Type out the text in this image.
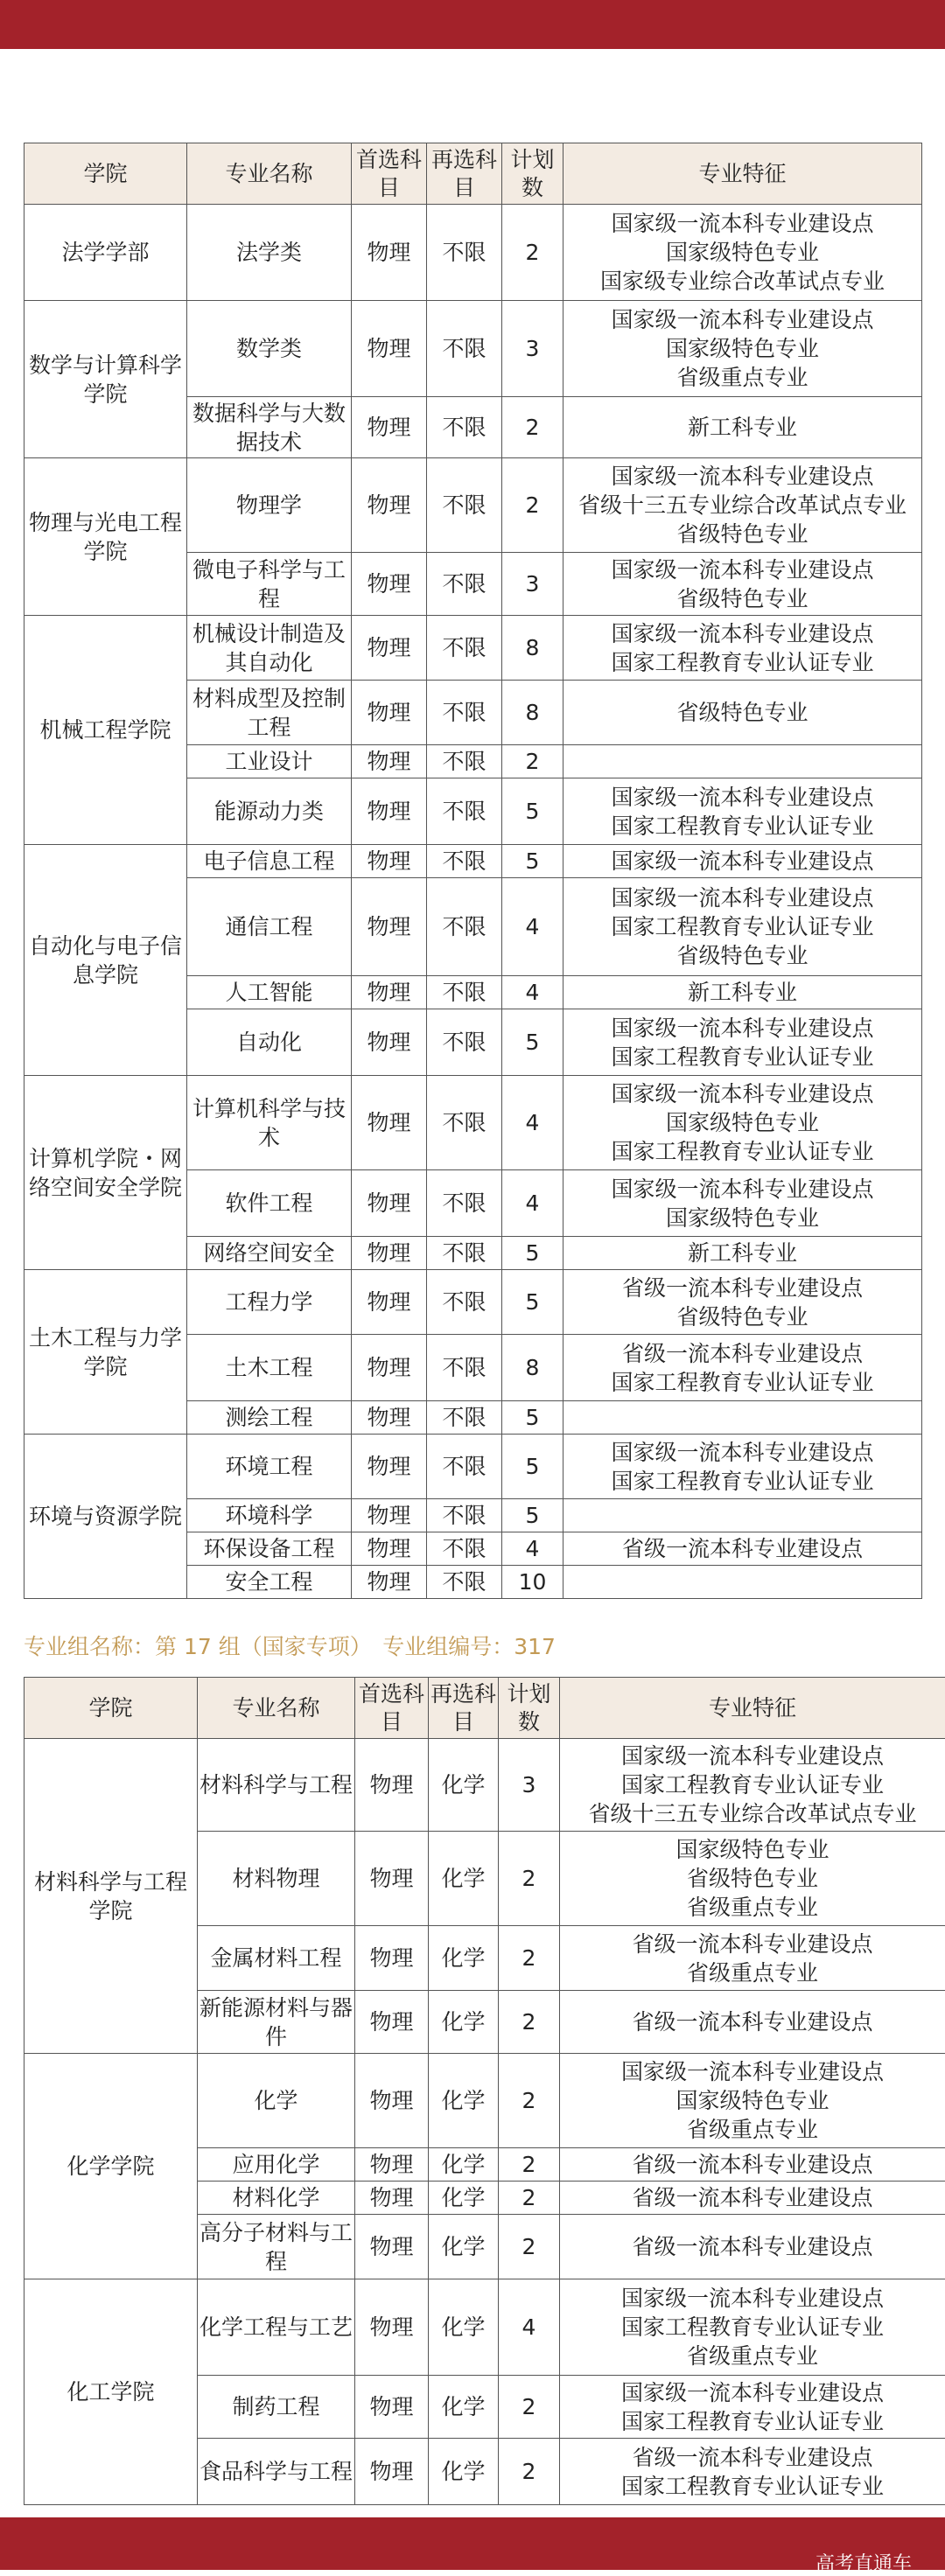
学院	专业名称	首选科目	再选科目	计划数	专业特征
法学学部	法学类	物理	不限	2	国家级一流本科专业建设点
国家级特色专业
国家级专业综合改革试点专业

数学与计算科学学院	数学类	物理	不限	3	国家级一流本科专业建设点
国家级特色专业
省级重点专业

	数据科学与大数据技术	物理	不限	2	新工科专业

物理与光电工程学院	物理学	物理	不限	2	国家级一流本科专业建设点
省级十三五专业综合改革试点专业
省级特色专业

	微电子科学与工程	物理	不限	3	国家级一流本科专业建设点
省级特色专业

机械工程学院	机械设计制造及其自动化	物理	不限	8	国家级一流本科专业建设点
国家工程教育专业认证专业

	材料成型及控制工程	物理	不限	8	省级特色专业

	工业设计	物理	不限	2	
	能源动力类	物理	不限	5	国家级一流本科专业建设点
国家工程教育专业认证专业

自动化与电子信息学院	电子信息工程	物理	不限	5	国家级一流本科专业建设点

	通信工程	物理	不限	4	国家级一流本科专业建设点
国家工程教育专业认证专业
省级特色专业

	人工智能	物理	不限	4	新工科专业

	自动化	物理	不限	5	国家级一流本科专业建设点
国家工程教育专业认证专业

计算机学院・网络空间安全学院	计算机科学与技术	物理	不限	4	国家级一流本科专业建设点
国家级特色专业
国家工程教育专业认证专业

	软件工程	物理	不限	4	国家级一流本科专业建设点
国家级特色专业

	网络空间安全	物理	不限	5	新工科专业

土木工程与力学学院	工程力学	物理	不限	5	省级一流本科专业建设点
省级特色专业

	土木工程	物理	不限	8	省级一流本科专业建设点
国家工程教育专业认证专业

	测绘工程	物理	不限	5	
环境与资源学院	环境工程	物理	不限	5	国家级一流本科专业建设点
国家工程教育专业认证专业

	环境科学	物理	不限	5	
	环保设备工程	物理	不限	4	省级一流本科专业建设点

	安全工程	物理	不限	10	
专业组名称：第 17 组（国家专项）　专业组编号：317
学院	专业名称	首选科目	再选科目	计划数	专业特征
材料科学与工程学院	材料科学与工程	物理	化学	3	国家级一流本科专业建设点
国家工程教育专业认证专业
省级十三五专业综合改革试点专业

	材料物理	物理	化学	2	国家级特色专业
省级特色专业
省级重点专业

	金属材料工程	物理	化学	2	省级一流本科专业建设点
省级重点专业

	新能源材料与器件	物理	化学	2	省级一流本科专业建设点

化学学院	化学	物理	化学	2	国家级一流本科专业建设点
国家级特色专业
省级重点专业

	应用化学	物理	化学	2	省级一流本科专业建设点

	材料化学	物理	化学	2	省级一流本科专业建设点

	高分子材料与工程	物理	化学	2	省级一流本科专业建设点

化工学院	化学工程与工艺	物理	化学	4	国家级一流本科专业建设点
国家工程教育专业认证专业
省级重点专业

	制药工程	物理	化学	2	国家级一流本科专业建设点
国家工程教育专业认证专业

	食品科学与工程	物理	化学	2	省级一流本科专业建设点
国家工程教育专业认证专业
高考直通车
